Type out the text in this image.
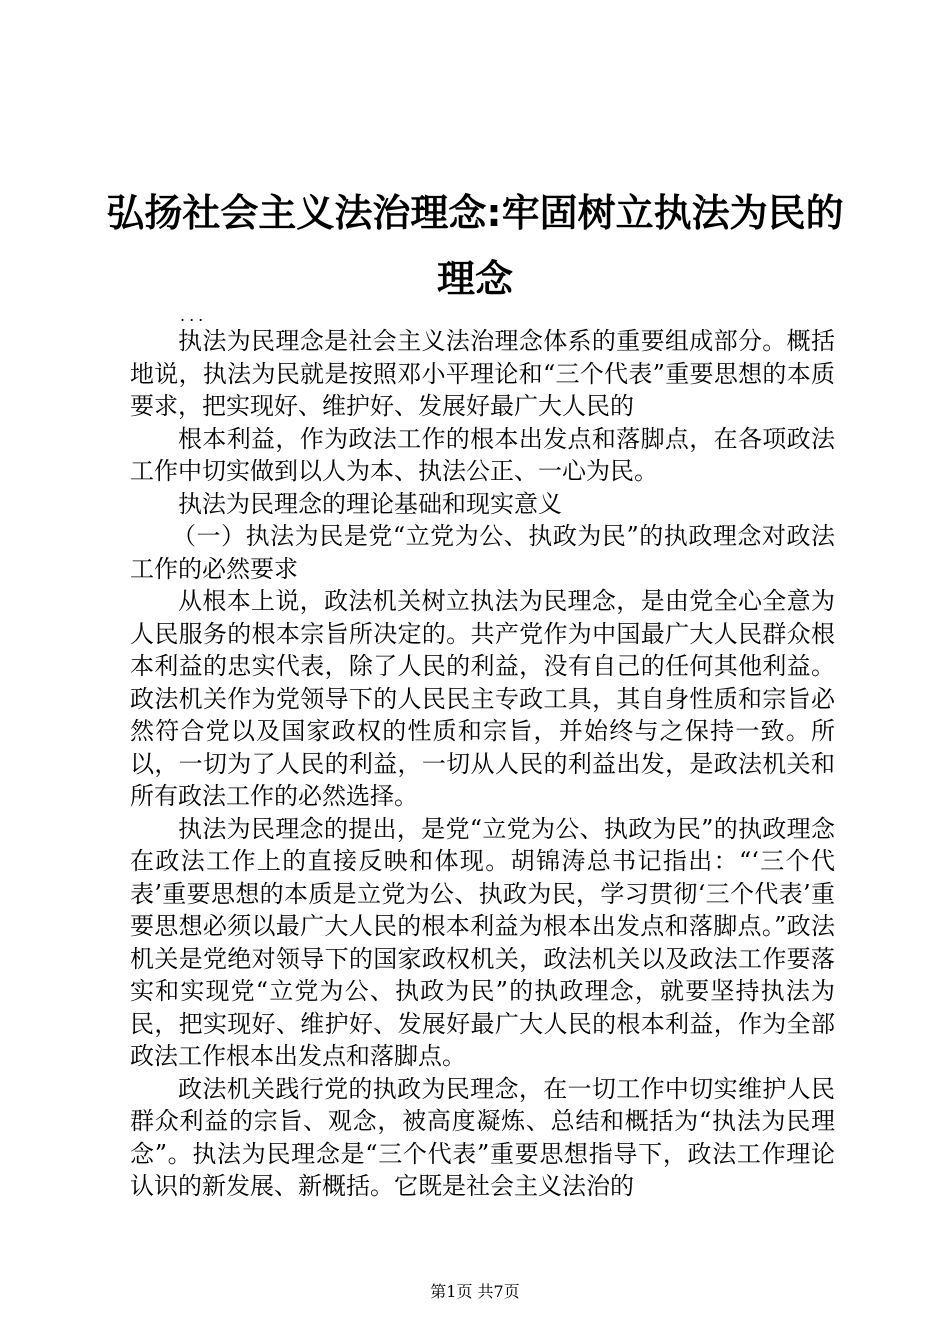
弘扬社会主义法治理念:牢固树立执法为民的理念
...

执法为民理念是社会主义法治理念体系的重要组成部分。概括地说，执法为民就是按照邓小平理论和“三个代表”重要思想的本质要求，把实现好、维护好、发展好最广大人民的

根本利益，作为政法工作的根本出发点和落脚点，在各项政法工作中切实做到以人为本、执法公正、一心为民。

执法为民理念的理论基础和现实意义

（一）执法为民是党“立党为公、执政为民”的执政理念对政法工作的必然要求

从根本上说，政法机关树立执法为民理念，是由党全心全意为人民服务的根本宗旨所决定的。共产党作为中国最广大人民群众根本利益的忠实代表，除了人民的利益，没有自己的任何其他利益。政法机关作为党领导下的人民民主专政工具，其自身性质和宗旨必然符合党以及国家政权的性质和宗旨，并始终与之保持一致。所以，一切为了人民的利益，一切从人民的利益出发，是政法机关和所有政法工作的必然选择。

执法为民理念的提出，是党“立党为公、执政为民”的执政理念在政法工作上的直接反映和体现。胡锦涛总书记指出：“‘三个代表’重要思想的本质是立党为公、执政为民，学习贯彻‘三个代表’重要思想必须以最广大人民的根本利益为根本出发点和落脚点。”政法机关是党绝对领导下的国家政权机关，政法机关以及政法工作要落实和实现党“立党为公、执政为民”的执政理念，就要坚持执法为民，把实现好、维护好、发展好最广大人民的根本利益，作为全部政法工作根本出发点和落脚点。

政法机关践行党的执政为民理念，在一切工作中切实维护人民群众利益的宗旨、观念，被高度凝炼、总结和概括为“执法为民理念”。执法为民理念是“三个代表”重要思想指导下，政法工作理论认识的新发展、新概括。它既是社会主义法治的

第1页 共7页
